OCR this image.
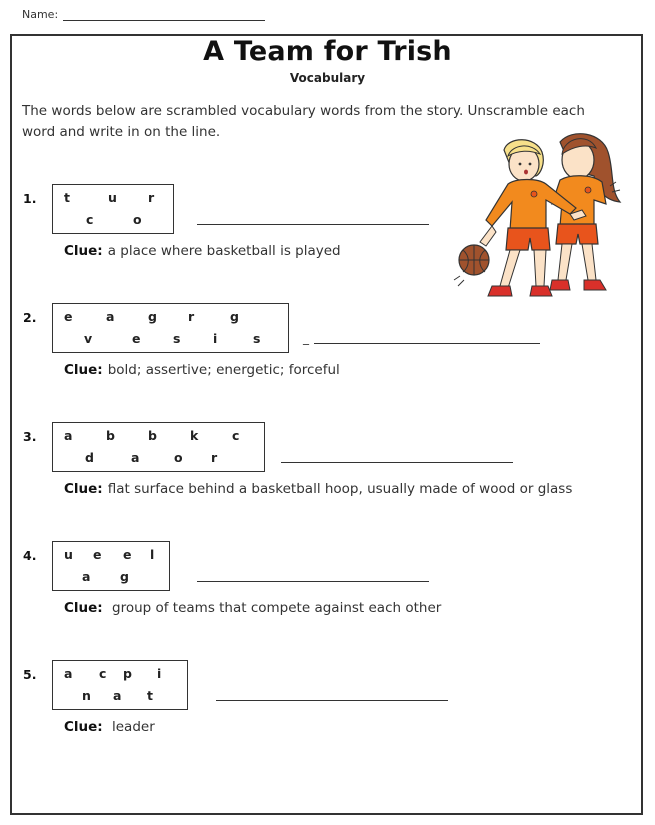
Name:
A Team for Trish
Vocabulary
The words below are scrambled vocabulary words from the story. Unscramble each word and write in on the line.
1. t	u r
c	o
Clue: a place where basketball is played
2. e	a	g r	g
v	e	s	i	s	_
Clue: bold; assertive; energetic; forceful
3. a	b	b	k	c
d	a	o r
Clue: flat surface behind a basketball hoop, usually made of wood or glass
4. u e e l
a g
Clue: group of teams that compete against each other
5. a c p i
n a t
Clue: leader
